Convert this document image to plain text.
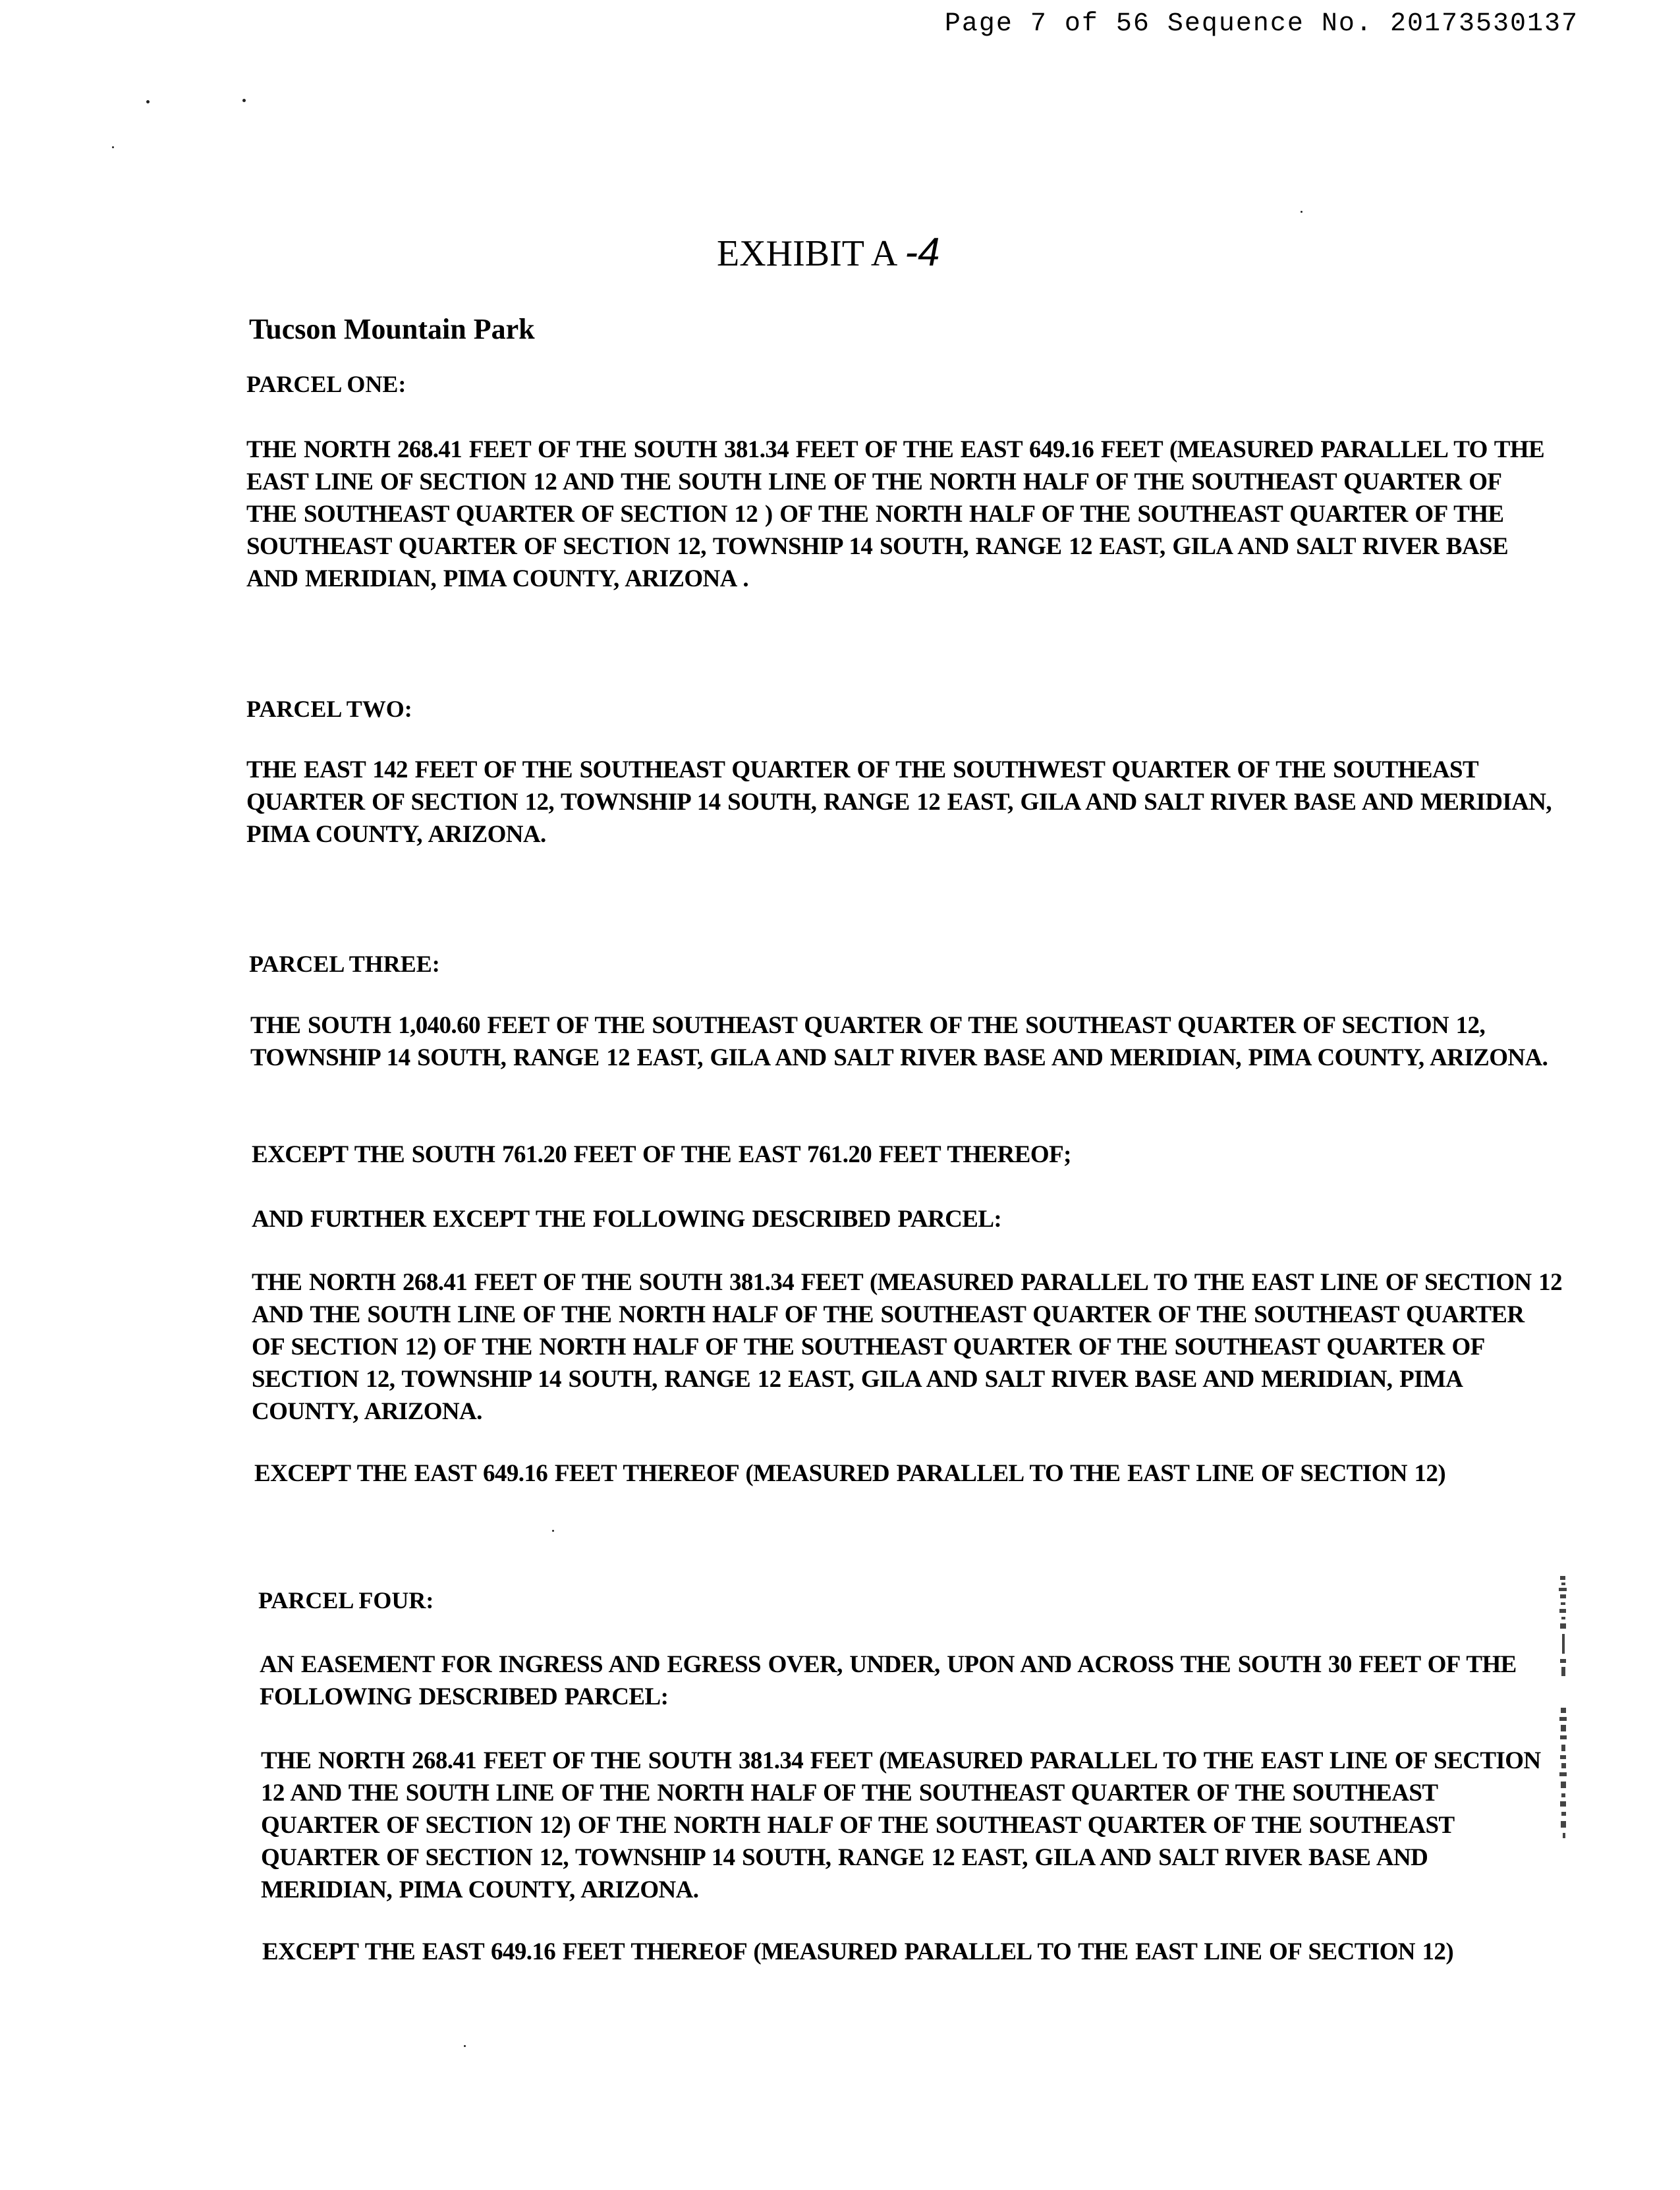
Page 7 of 56 Sequence No. 20173530137
EXHIBIT A -4
Tucson Mountain Park
PARCEL ONE:
THE NORTH 268.41 FEET OF THE SOUTH 381.34 FEET OF THE EAST 649.16 FEET (MEASURED PARALLEL TO THE EAST LINE OF SECTION 12 AND THE SOUTH LINE OF THE NORTH HALF OF THE SOUTHEAST QUARTER OF THE SOUTHEAST QUARTER OF SECTION 12 ) OF THE NORTH HALF OF THE SOUTHEAST QUARTER OF THE SOUTHEAST QUARTER OF SECTION 12, TOWNSHIP 14 SOUTH, RANGE 12 EAST, GILA AND SALT RIVER BASE AND MERIDIAN, PIMA COUNTY, ARIZONA .
PARCEL TWO:
THE EAST 142 FEET OF THE SOUTHEAST QUARTER OF THE SOUTHWEST QUARTER OF THE SOUTHEAST QUARTER OF SECTION 12, TOWNSHIP 14 SOUTH, RANGE 12 EAST, GILA AND SALT RIVER BASE AND MERIDIAN, PIMA COUNTY, ARIZONA.
PARCEL THREE:
THE SOUTH 1,040.60 FEET OF THE SOUTHEAST QUARTER OF THE SOUTHEAST QUARTER OF SECTION 12, TOWNSHIP 14 SOUTH, RANGE 12 EAST, GILA AND SALT RIVER BASE AND MERIDIAN, PIMA COUNTY, ARIZONA.
EXCEPT THE SOUTH 761.20 FEET OF THE EAST 761.20 FEET THEREOF;
AND FURTHER EXCEPT THE FOLLOWING DESCRIBED PARCEL:
THE NORTH 268.41 FEET OF THE SOUTH 381.34 FEET (MEASURED PARALLEL TO THE EAST LINE OF SECTION 12 AND THE SOUTH LINE OF THE NORTH HALF OF THE SOUTHEAST QUARTER OF THE SOUTHEAST QUARTER OF SECTION 12) OF THE NORTH HALF OF THE SOUTHEAST QUARTER OF THE SOUTHEAST QUARTER OF SECTION 12, TOWNSHIP 14 SOUTH, RANGE 12 EAST, GILA AND SALT RIVER BASE AND MERIDIAN, PIMA COUNTY, ARIZONA.
EXCEPT THE EAST 649.16 FEET THEREOF (MEASURED PARALLEL TO THE EAST LINE OF SECTION 12)
PARCEL FOUR:
AN EASEMENT FOR INGRESS AND EGRESS OVER, UNDER, UPON AND ACROSS THE SOUTH 30 FEET OF THE FOLLOWING DESCRIBED PARCEL:
THE NORTH 268.41 FEET OF THE SOUTH 381.34 FEET (MEASURED PARALLEL TO THE EAST LINE OF SECTION 12 AND THE SOUTH LINE OF THE NORTH HALF OF THE SOUTHEAST QUARTER OF THE SOUTHEAST QUARTER OF SECTION 12) OF THE NORTH HALF OF THE SOUTHEAST QUARTER OF THE SOUTHEAST QUARTER OF SECTION 12, TOWNSHIP 14 SOUTH, RANGE 12 EAST, GILA AND SALT RIVER BASE AND MERIDIAN, PIMA COUNTY, ARIZONA.
EXCEPT THE EAST 649.16 FEET THEREOF (MEASURED PARALLEL TO THE EAST LINE OF SECTION 12)
